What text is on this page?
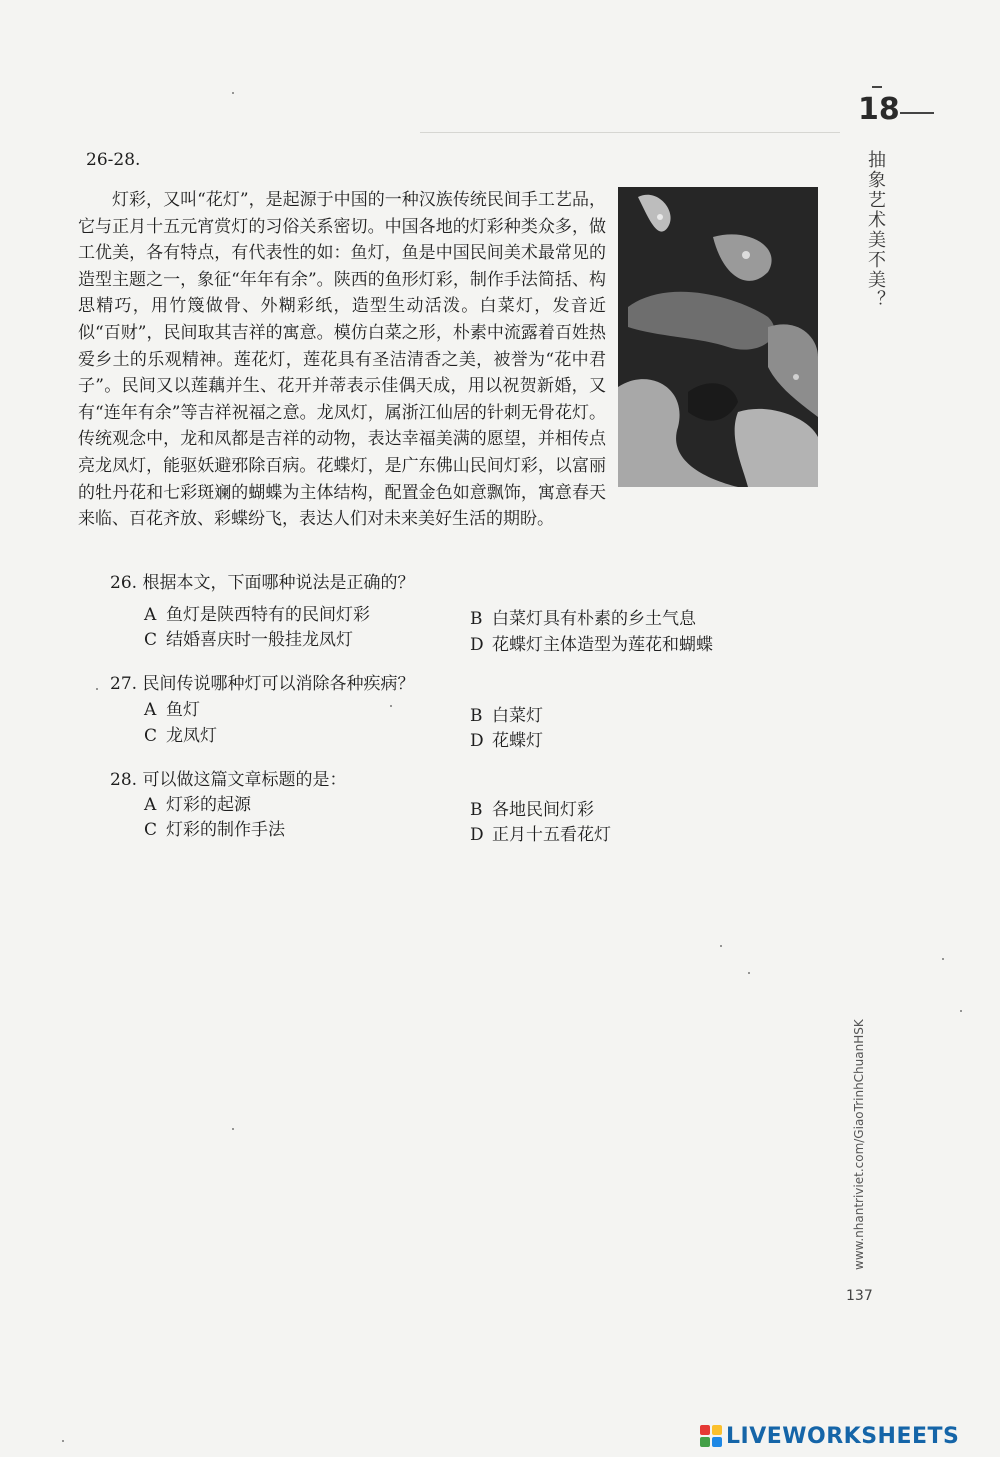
18
抽象艺术美不美？
26-28.
灯彩，又叫“花灯”，是起源于中国的一种汉族传统民间手工艺品，它与正月十五元宵赏灯的习俗关系密切。中国各地的灯彩种类众多，做工优美，各有特点，有代表性的如：鱼灯，鱼是中国民间美术最常见的造型主题之一，象征“年年有余”。陕西的鱼形灯彩，制作手法简括、构思精巧，用竹篾做骨、外糊彩纸，造型生动活泼。白菜灯，发音近似“百财”，民间取其吉祥的寓意。模仿白菜之形，朴素中流露着百姓热爱乡土的乐观精神。莲花灯，莲花具有圣洁清香之美，被誉为“花中君子”。民间又以莲藕并生、花开并蒂表示佳偶天成，用以祝贺新婚，又有“连年有余”等吉祥祝福之意。龙凤灯，属浙江仙居的针刺无骨花灯。传统观念中，龙和凤都是吉祥的动物，表达幸福美满的愿望，并相传点亮龙凤灯，能驱妖避邪除百病。花蝶灯，是广东佛山民间灯彩，以富丽的牡丹花和七彩斑斓的蝴蝶为主体结构，配置金色如意飘饰，寓意春天来临、百花齐放、彩蝶纷飞，表达人们对未来美好生活的期盼。
26. 根据本文，下面哪种说法是正确的？
A 鱼灯是陕西特有的民间灯彩	B 白菜灯具有朴素的乡土气息
C 结婚喜庆时一般挂龙凤灯	D 花蝶灯主体造型为莲花和蝴蝶
27. 民间传说哪种灯可以消除各种疾病？
A 鱼灯	B 白菜灯
C 龙凤灯	D 花蝶灯
28. 可以做这篇文章标题的是：
A 灯彩的起源	B 各地民间灯彩
C 灯彩的制作手法	D 正月十五看花灯
www.nhantriviet.com/GiaoTrinhChuanHSK
137
LIVEWORKSHEETS
